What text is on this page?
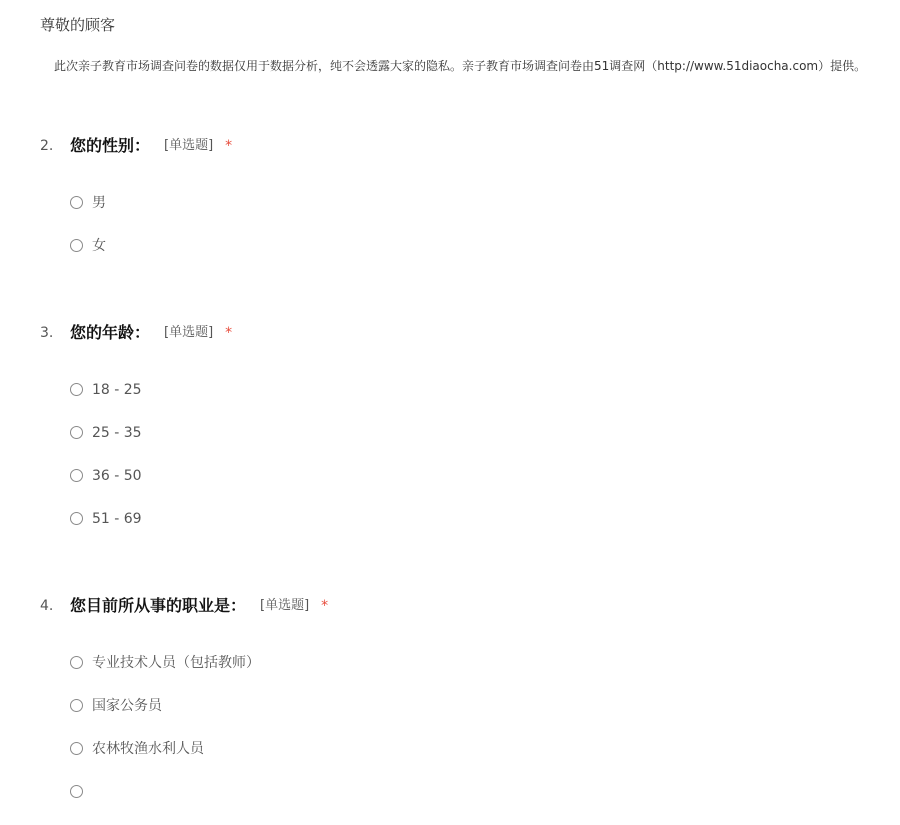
尊敬的顾客
此次亲子教育市场调查问卷的数据仅用于数据分析，纯不会透露大家的隐私。亲子教育市场调查问卷由51调查网（http://www.51diaocha.com）提供。
2. 您的性别： [单选题] *
男
女
3. 您的年龄： [单选题] *
18 - 25
25 - 35
36 - 50
51 - 69
4. 您目前所从事的职业是： [单选题] *
专业技术人员（包括教师）
国家公务员
农林牧渔水利人员
